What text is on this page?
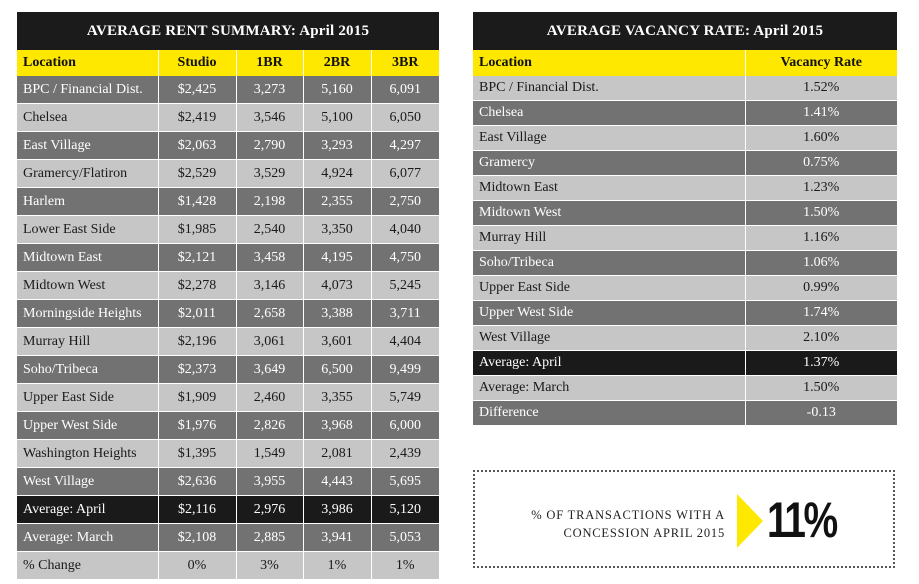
AVERAGE RENT SUMMARY: April 2015				
Location	Studio	1BR	2BR	3BR
BPC / Financial Dist.	$2,425	3,273	5,160	6,091
Chelsea	$2,419	3,546	5,100	6,050
East Village	$2,063	2,790	3,293	4,297
Gramercy/Flatiron	$2,529	3,529	4,924	6,077
Harlem	$1,428	2,198	2,355	2,750
Lower East Side	$1,985	2,540	3,350	4,040
Midtown East	$2,121	3,458	4,195	4,750
Midtown West	$2,278	3,146	4,073	5,245
Morningside Heights	$2,011	2,658	3,388	3,711
Murray Hill	$2,196	3,061	3,601	4,404
Soho/Tribeca	$2,373	3,649	6,500	9,499
Upper East Side	$1,909	2,460	3,355	5,749
Upper West Side	$1,976	2,826	3,968	6,000
Washington Heights	$1,395	1,549	2,081	2,439
West Village	$2,636	3,955	4,443	5,695
Average: April	$2,116	2,976	3,986	5,120
Average: March	$2,108	2,885	3,941	5,053
% Change	0%	3%	1%	1%
AVERAGE VACANCY RATE: April 2015	
Location	Vacancy Rate
BPC / Financial Dist.	1.52%
Chelsea	1.41%
East Village	1.60%
Gramercy	0.75%
Midtown East	1.23%
Midtown West	1.50%
Murray Hill	1.16%
Soho/Tribeca	1.06%
Upper East Side	0.99%
Upper West Side	1.74%
West Village	2.10%
Average: April	1.37%
Average: March	1.50%
Difference	-0.13
% OF TRANSACTIONS WITH A
CONCESSION APRIL 2015 11%
